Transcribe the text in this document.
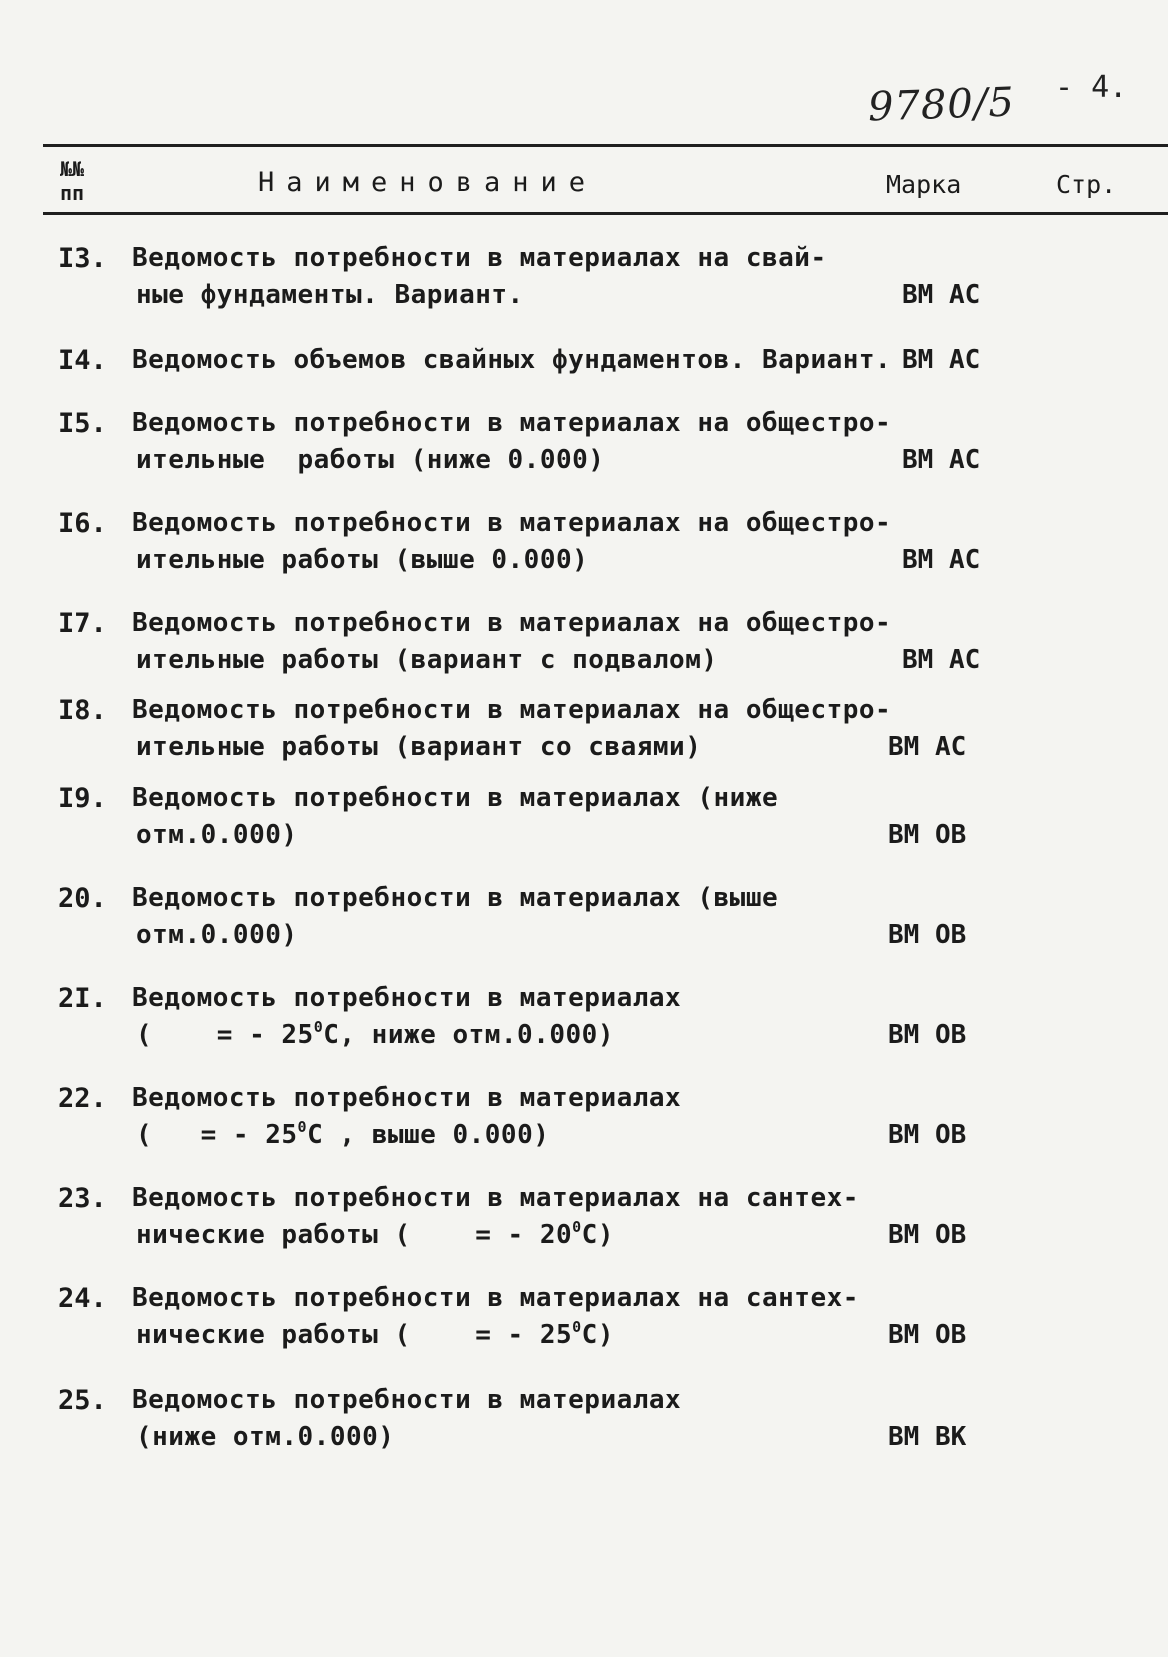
9780/5 - 4.
№№
пп	Наименование	Марка	Стр.
I3. Ведомость потребности в материалах на свай-
ные фундаменты. Вариант.	ВМ АС
I4. Ведомость объемов свайных фундаментов. Вариант. ВМ АС
I5. Ведомость потребности в материалах на общестро-
ительные  работы (ниже 0.000)	ВМ АС
I6. Ведомость потребности в материалах на общестро-
ительные работы (выше 0.000)	ВМ АС
I7. Ведомость потребности в материалах на общестро-
ительные работы (вариант с подвалом)	ВМ АС
I8. Ведомость потребности в материалах на общестро-
ительные работы (вариант со сваями)	ВМ АС
I9. Ведомость потребности в материалах (ниже
отм.0.000)	ВМ ОВ
20. Ведомость потребности в материалах (выше
отм.0.000)	ВМ ОВ
2I. Ведомость потребности в материалах
(    = - $25^0С$, ниже отм.0.000)	ВМ ОВ
22. Ведомость потребности в материалах
(   = - $25^0С$ , выше 0.000)	ВМ ОВ
23. Ведомость потребности в материалах на сантех-
нические работы (    = - $20^0С$)	ВМ ОВ
24. Ведомость потребности в материалах на сантех-
нические работы (    = - $25^0С$)	ВМ ОВ
25. Ведомость потребности в материалах
(ниже отм.0.000)	ВМ ВК
